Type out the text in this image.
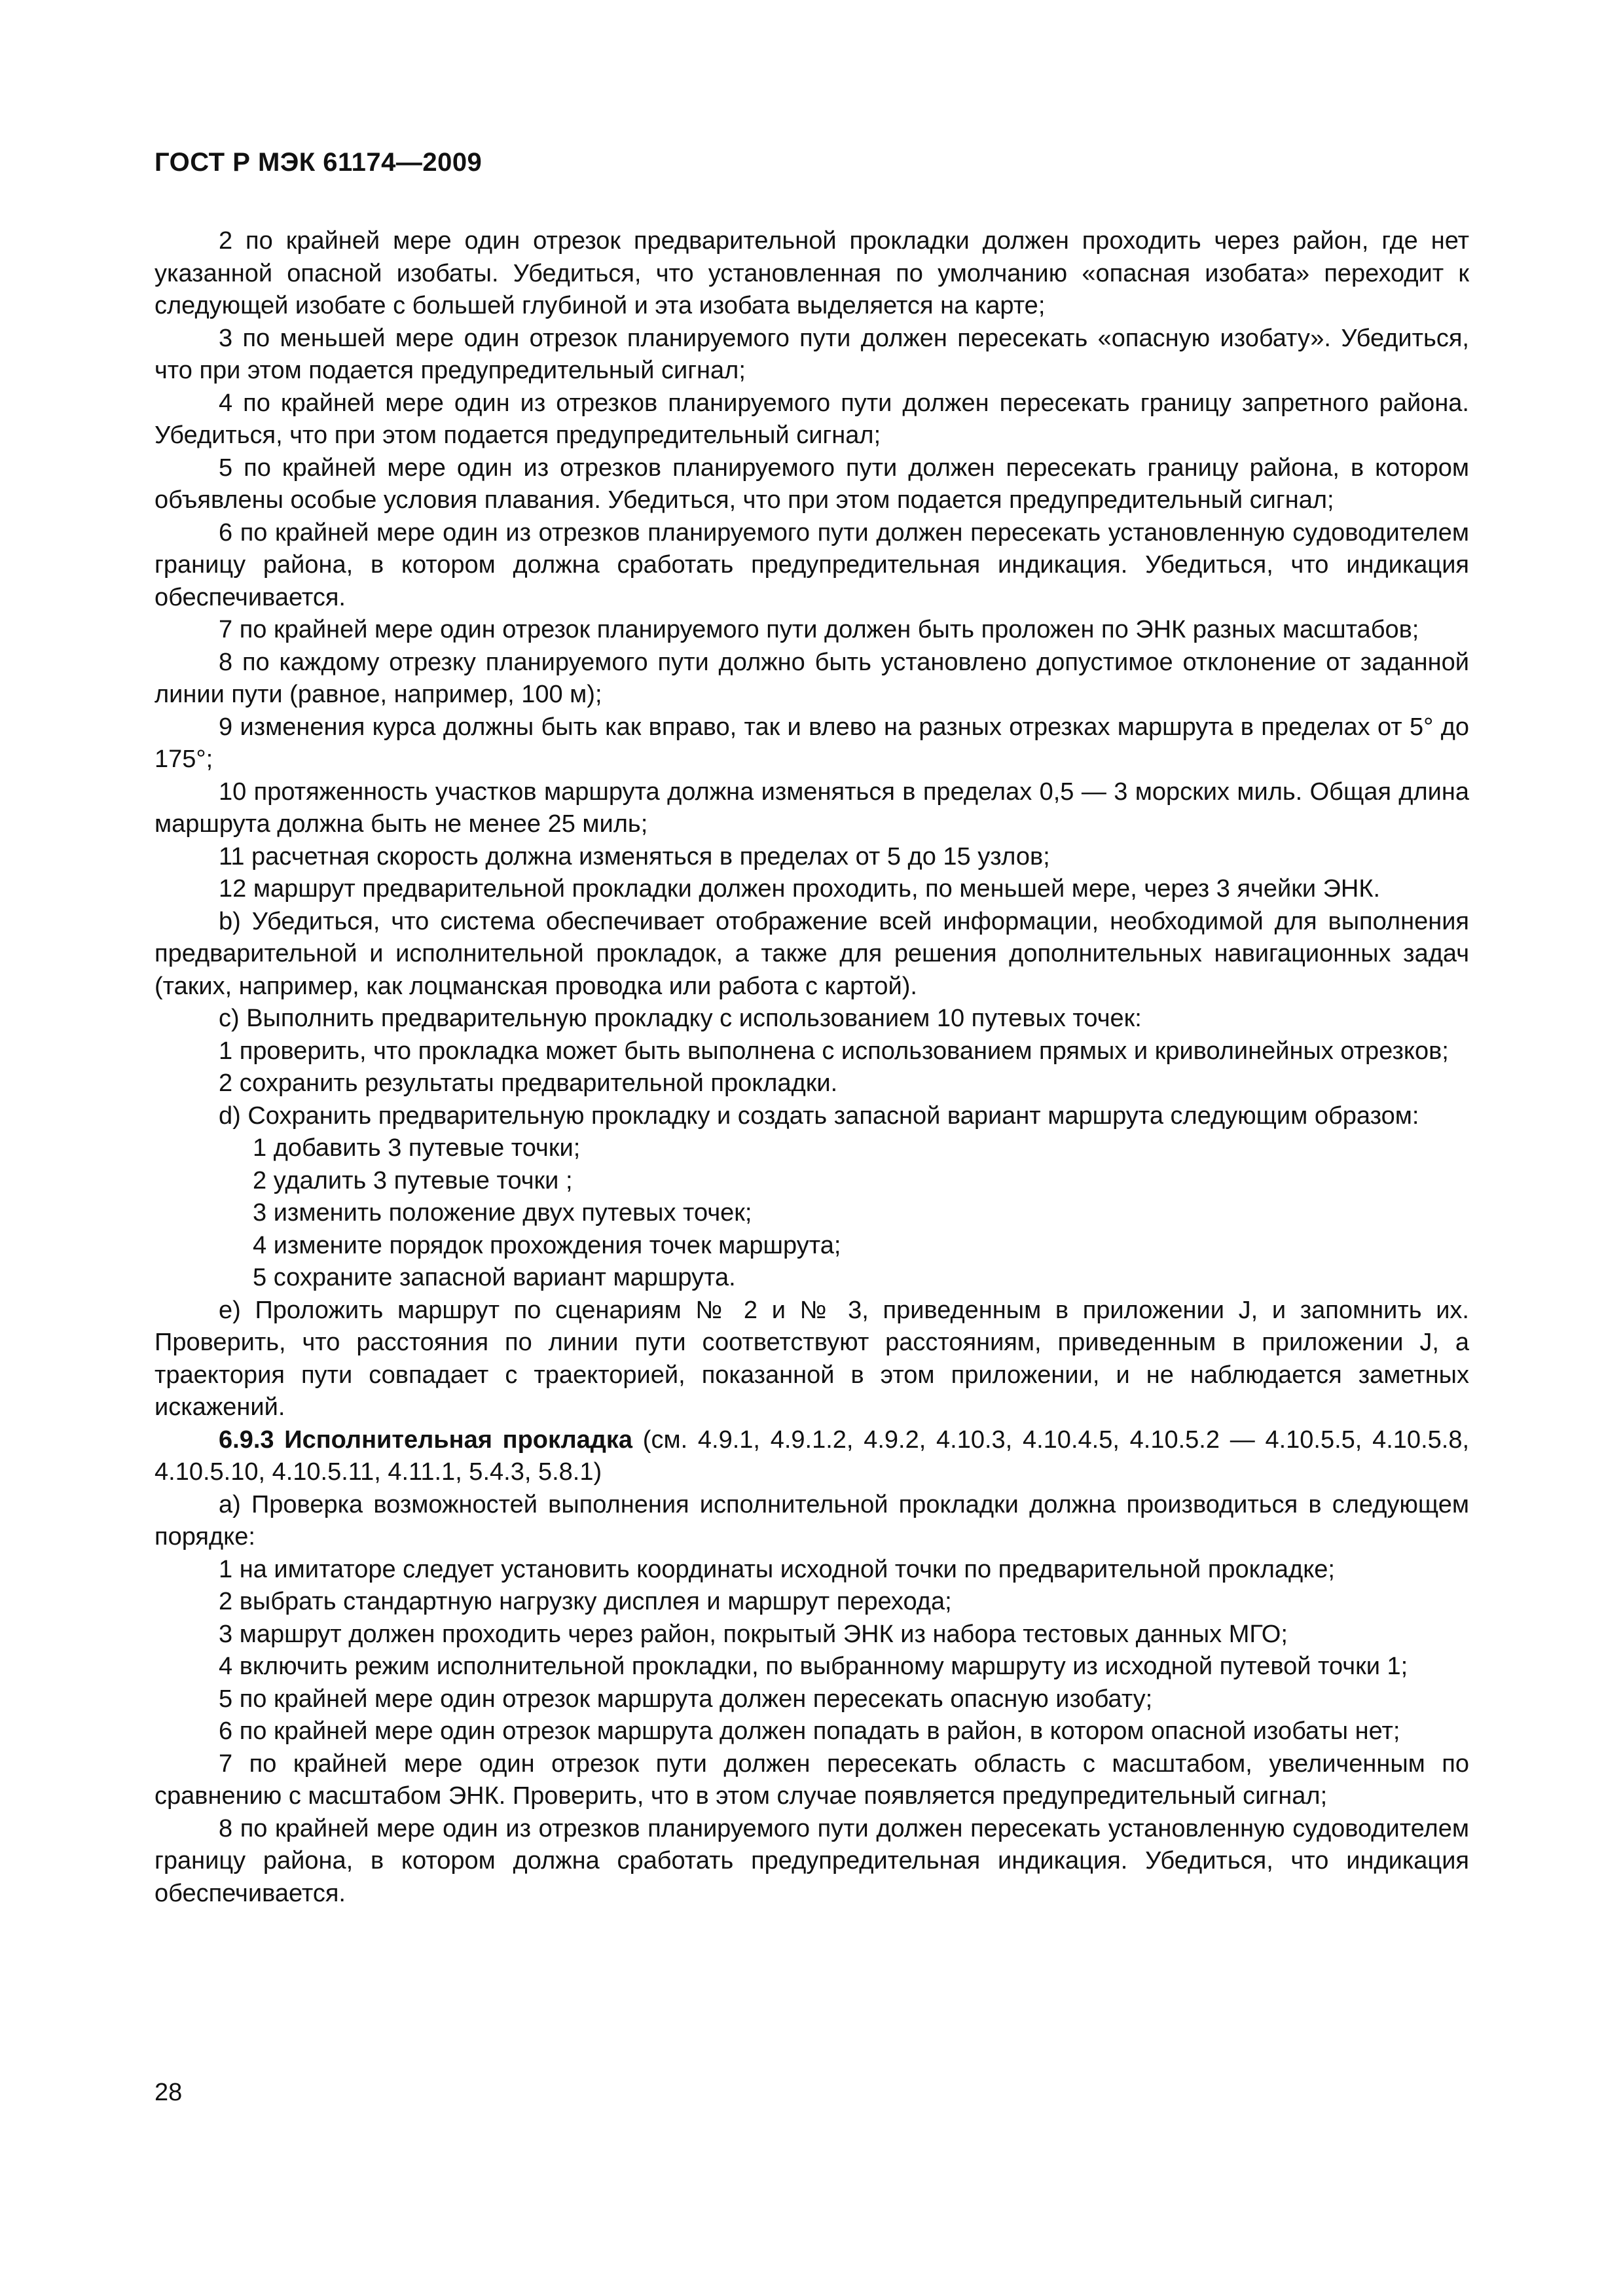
ГОСТ Р МЭК 61174—2009

2 по крайней мере один отрезок предварительной прокладки должен проходить через район, где нет указанной опасной изобаты. Убедиться, что установленная по умолчанию «опасная изобата» переходит к следующей изобате с большей глубиной и эта изобата выделяется на карте;

3 по меньшей мере один отрезок планируемого пути должен пересекать «опасную изобату». Убедиться, что при этом подается предупредительный сигнал;

4 по крайней мере один из отрезков планируемого пути должен пересекать границу запретного района. Убедиться, что при этом подается предупредительный сигнал;

5 по крайней мере один из отрезков планируемого пути должен пересекать границу района, в котором объявлены особые условия плавания. Убедиться, что при этом подается предупредительный сигнал;

6 по крайней мере один из отрезков планируемого пути должен пересекать установленную судоводителем границу района, в котором должна сработать предупредительная индикация. Убедиться, что индикация обеспечивается.

7 по крайней мере один отрезок планируемого пути должен быть проложен по ЭНК разных масштабов;

8 по каждому отрезку планируемого пути должно быть установлено допустимое отклонение от заданной линии пути (равное, например, 100 м);

9 изменения курса должны быть как вправо, так и влево на разных отрезках маршрута в пределах от 5° до 175°;

10 протяженность участков маршрута должна изменяться в пределах 0,5 — 3 морских миль. Общая длина маршрута должна быть не менее 25 миль;

11 расчетная скорость должна изменяться в пределах от 5 до 15 узлов;

12 маршрут предварительной прокладки должен проходить, по меньшей мере, через 3 ячейки ЭНК.

b) Убедиться, что система обеспечивает отображение всей информации, необходимой для выполнения предварительной и исполнительной прокладок, а также для решения дополнительных навигационных задач (таких, например, как лоцманская проводка или работа с картой).

c) Выполнить предварительную прокладку с использованием 10 путевых точек:

1 проверить, что прокладка может быть выполнена с использованием прямых и криволинейных отрезков;

2 сохранить результаты предварительной прокладки.

d) Сохранить предварительную прокладку и создать запасной вариант маршрута следующим образом:

1 добавить 3 путевые точки;

2 удалить 3 путевые точки ;

3 изменить положение двух путевых точек;

4 измените порядок прохождения точек маршрута;

5 сохраните запасной вариант маршрута.

e) Проложить маршрут по сценариям № 2 и № 3, приведенным в приложении J, и запомнить их. Проверить, что расстояния по линии пути соответствуют расстояниям, приведенным в приложении J, а траектория пути совпадает с траекторией, показанной в этом приложении, и не наблюдается заметных искажений.

6.9.3 Исполнительная прокладка (см. 4.9.1, 4.9.1.2, 4.9.2, 4.10.3, 4.10.4.5, 4.10.5.2 — 4.10.5.5, 4.10.5.8, 4.10.5.10, 4.10.5.11, 4.11.1, 5.4.3, 5.8.1)

a) Проверка возможностей выполнения исполнительной прокладки должна производиться в следующем порядке:

1 на имитаторе следует установить координаты исходной точки по предварительной прокладке;

2 выбрать стандартную нагрузку дисплея и маршрут перехода;

3 маршрут должен проходить через район, покрытый ЭНК из набора тестовых данных МГО;

4 включить режим исполнительной прокладки, по выбранному маршруту из исходной путевой точки 1;

5 по крайней мере один отрезок маршрута должен пересекать опасную изобату;

6 по крайней мере один отрезок маршрута должен попадать в район, в котором опасной изобаты нет;

7 по крайней мере один отрезок пути должен пересекать область с масштабом, увеличенным по сравнению с масштабом ЭНК. Проверить, что в этом случае появляется предупредительный сигнал;

8 по крайней мере один из отрезков планируемого пути должен пересекать установленную судоводителем границу района, в котором должна сработать предупредительная индикация. Убедиться, что индикация обеспечивается.

28
